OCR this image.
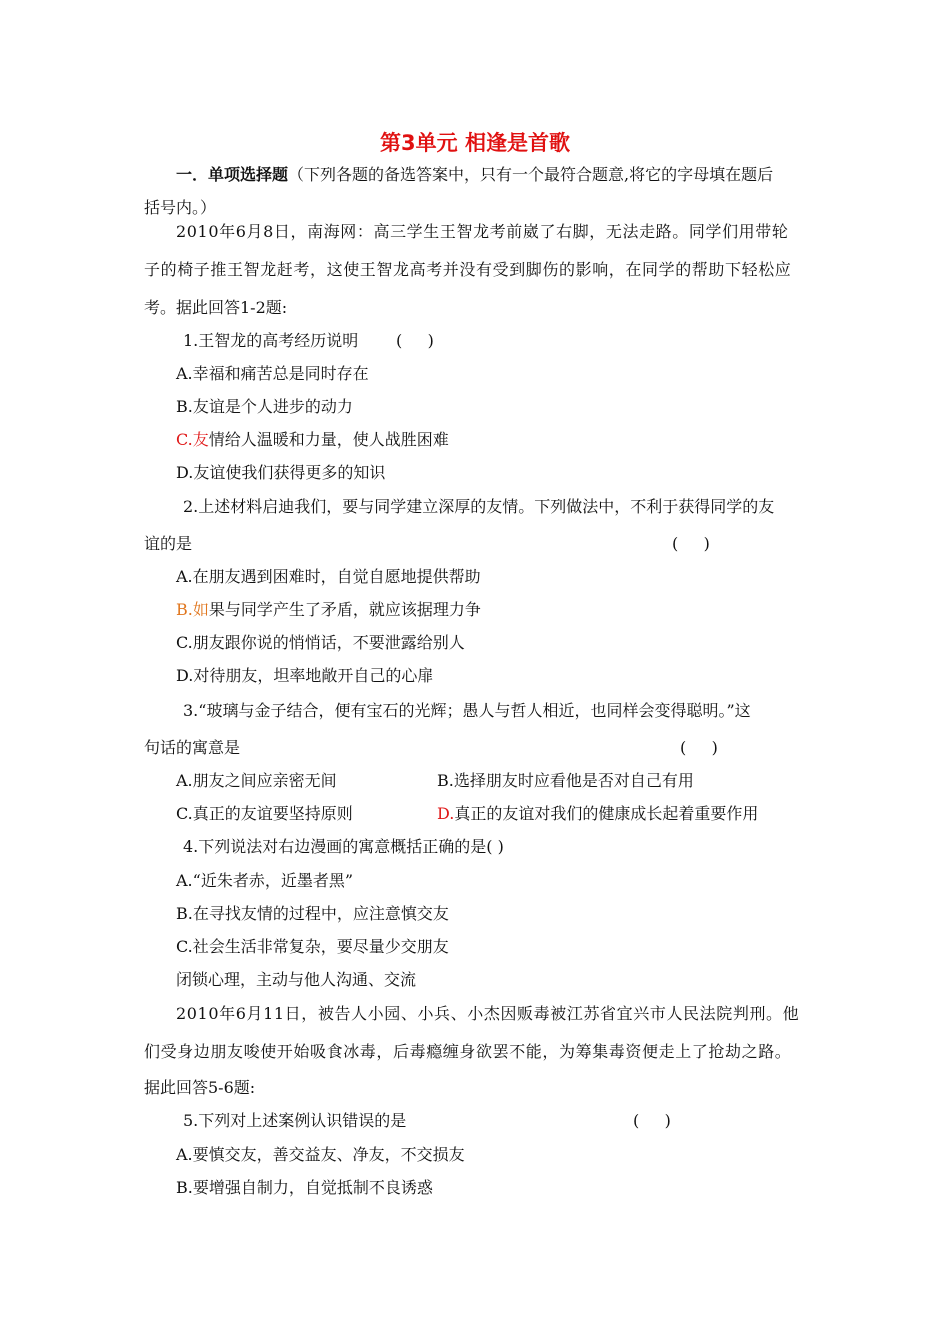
第3单元 相逢是首歌
一．单项选择题（下列各题的备选答案中，只有一个最符合题意,将它的字母填在题后
括号内。）
2010年6月8日，南海网：高三学生王智龙考前崴了右脚，无法走路。同学们用带轮
子的椅子推王智龙赶考，这使王智龙高考并没有受到脚伤的影响，在同学的帮助下轻松应
考。据此回答1-2题:
1.王智龙的高考经历说明 (     )
A.幸福和痛苦总是同时存在
B.友谊是个人进步的动力
C.友情给人温暖和力量，使人战胜困难
D.友谊使我们获得更多的知识
2.上述材料启迪我们，要与同学建立深厚的友情。下列做法中，不利于获得同学的友
谊的是	(     )
A.在朋友遇到困难时，自觉自愿地提供帮助
B.如果与同学产生了矛盾，就应该据理力争
C.朋友跟你说的悄悄话，不要泄露给别人
D.对待朋友，坦率地敞开自己的心扉
3.“玻璃与金子结合，便有宝石的光辉；愚人与哲人相近，也同样会变得聪明。”这
句话的寓意是	(     )
A.朋友之间应亲密无间	B.选择朋友时应看他是否对自己有用
C.真正的友谊要坚持原则	D.真正的友谊对我们的健康成长起着重要作用
4.下列说法对右边漫画的寓意概括正确的是( )
A.“近朱者赤，近墨者黑”
B.在寻找友情的过程中，应注意慎交友
C.社会生活非常复杂，要尽量少交朋友
闭锁心理，主动与他人沟通、交流
2010年6月11日，被告人小园、小兵、小杰因贩毒被江苏省宜兴市人民法院判刑。他
们受身边朋友唆使开始吸食冰毒，后毒瘾缠身欲罢不能，为筹集毒资便走上了抢劫之路。
据此回答5-6题:
5.下列对上述案例认识错误的是	(     )
A.要慎交友，善交益友、净友，不交损友
B.要增强自制力，自觉抵制不良诱惑
